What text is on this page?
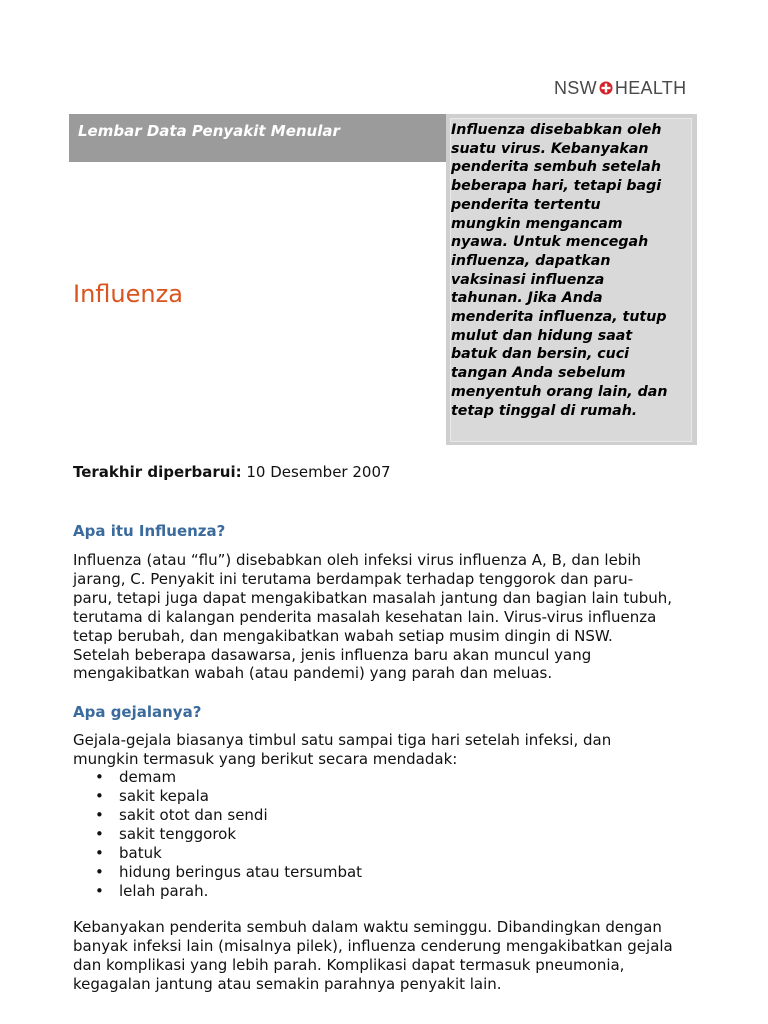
NSW HEALTH
Lembar Data Penyakit Menular	Influenza disebabkan oleh
suatu virus. Kebanyakan
penderita sembuh setelah
beberapa hari, tetapi bagi
penderita tertentu
mungkin mengancam
nyawa. Untuk mencegah
influenza, dapatkan
vaksinasi influenza
tahunan. Jika Anda
menderita influenza, tutup
mulut dan hidung saat
batuk dan bersin, cuci
tangan Anda sebelum
menyentuh orang lain, dan
tetap tinggal di rumah.
Influenza
Terakhir diperbarui: 10 Desember 2007
Apa itu Influenza?
Influenza (atau “flu”) disebabkan oleh infeksi virus influenza A, B, dan lebih
jarang, C. Penyakit ini terutama berdampak terhadap tenggorok dan paru-
paru, tetapi juga dapat mengakibatkan masalah jantung dan bagian lain tubuh,
terutama di kalangan penderita masalah kesehatan lain. Virus-virus influenza
tetap berubah, dan mengakibatkan wabah setiap musim dingin di NSW.
Setelah beberapa dasawarsa, jenis influenza baru akan muncul yang
mengakibatkan wabah (atau pandemi) yang parah dan meluas.
Apa gejalanya?
Gejala-gejala biasanya timbul satu sampai tiga hari setelah infeksi, dan
mungkin termasuk yang berikut secara mendadak:
• demam
• sakit kepala
• sakit otot dan sendi
• sakit tenggorok
• batuk
• hidung beringus atau tersumbat
• lelah parah.
Kebanyakan penderita sembuh dalam waktu seminggu. Dibandingkan dengan
banyak infeksi lain (misalnya pilek), influenza cenderung mengakibatkan gejala
dan komplikasi yang lebih parah. Komplikasi dapat termasuk pneumonia,
kegagalan jantung atau semakin parahnya penyakit lain.
